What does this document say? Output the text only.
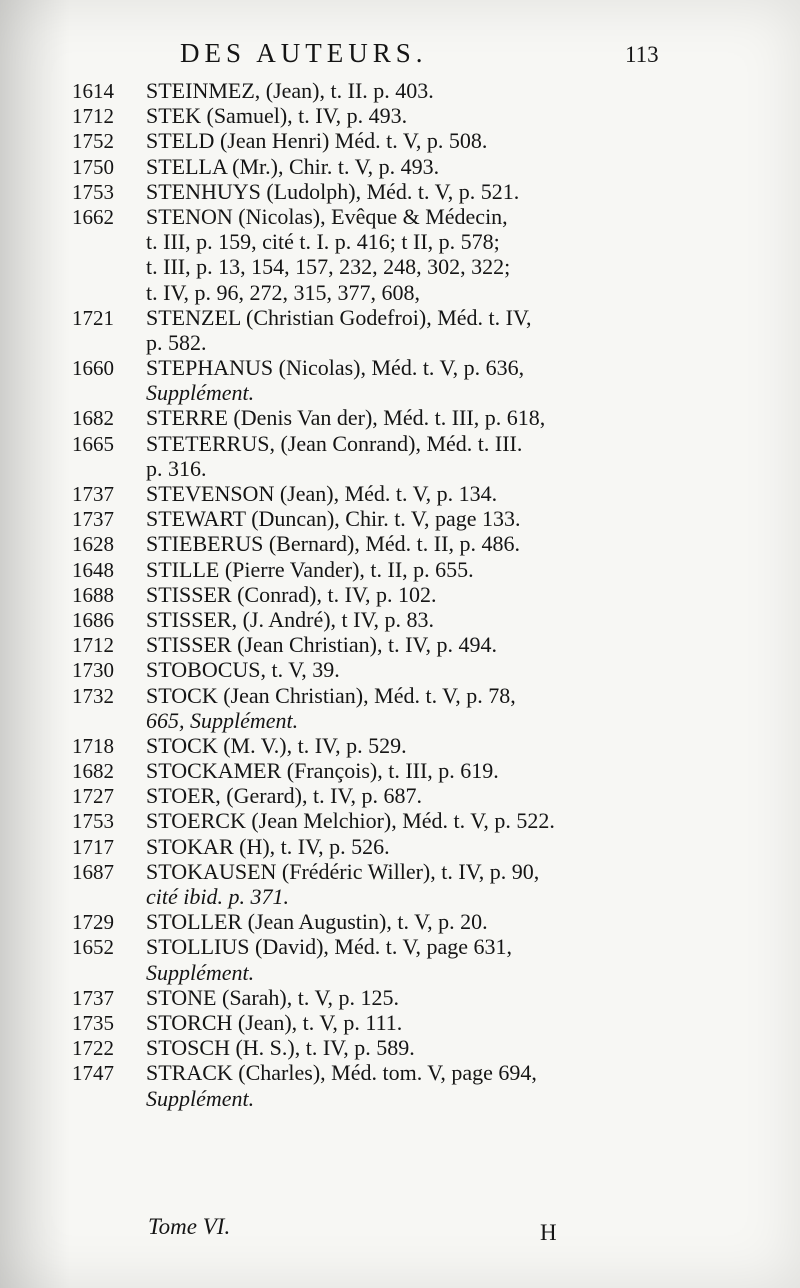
DES AUTEURS.	113
1614 STEINMEZ, (Jean), t. II. p. 403.
1712 STEK (Samuel), t. IV, p. 493.
1752 STELD (Jean Henri) Méd. t. V, p. 508.
1750 STELLA (Mr.), Chir. t. V, p. 493.
1753 STENHUYS (Ludolph), Méd. t. V, p. 521.
1662 STENON (Nicolas), Evêque & Médecin,
t. III, p. 159, cité t. I. p. 416; t II, p. 578;
t. III, p. 13, 154, 157, 232, 248, 302, 322;
t. IV, p. 96, 272, 315, 377, 608,
1721 STENZEL (Christian Godefroi), Méd. t. IV,
p. 582.
1660 STEPHANUS (Nicolas), Méd. t. V, p. 636,
Supplément.
1682 STERRE (Denis Van der), Méd. t. III, p. 618,
1665 STETERRUS, (Jean Conrand), Méd. t. III.
p. 316.
1737 STEVENSON (Jean), Méd. t. V, p. 134.
1737 STEWART (Duncan), Chir. t. V, page 133.
1628 STIEBERUS (Bernard), Méd. t. II, p. 486.
1648 STILLE (Pierre Vander), t. II, p. 655.
1688 STISSER (Conrad), t. IV, p. 102.
1686 STISSER, (J. André), t IV, p. 83.
1712 STISSER (Jean Christian), t. IV, p. 494.
1730 STOBOCUS, t. V, 39.
1732 STOCK (Jean Christian), Méd. t. V, p. 78,
665, Supplément.
1718 STOCK (M. V.), t. IV, p. 529.
1682 STOCKAMER (François), t. III, p. 619.
1727 STOER, (Gerard), t. IV, p. 687.
1753 STOERCK (Jean Melchior), Méd. t. V, p. 522.
1717 STOKAR (H), t. IV, p. 526.
1687 STOKAUSEN (Frédéric Willer), t. IV, p. 90,
cité ibid. p. 371.
1729 STOLLER (Jean Augustin), t. V, p. 20.
1652 STOLLIUS (David), Méd. t. V, page 631,
Supplément.
1737 STONE (Sarah), t. V, p. 125.
1735 STORCH (Jean), t. V, p. 111.
1722 STOSCH (H. S.), t. IV, p. 589.
1747 STRACK (Charles), Méd. tom. V, page 694,
Supplément.
Tome VI.	H
